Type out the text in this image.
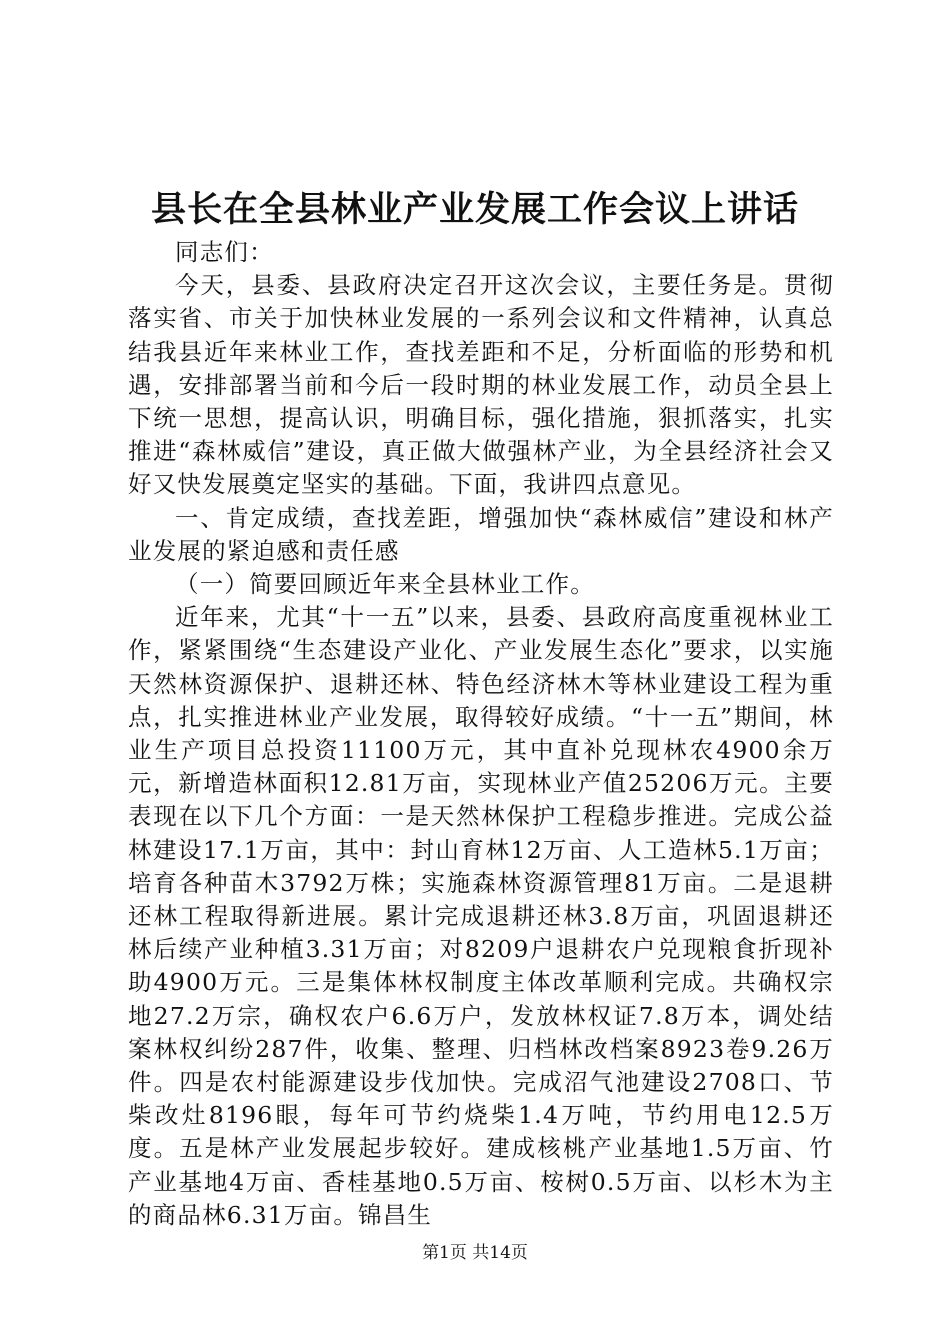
县长在全县林业产业发展工作会议上讲话

同志们：

今天，县委、县政府决定召开这次会议，主要任务是。贯彻落实省、市关于加快林业发展的一系列会议和文件精神，认真总结我县近年来林业工作，查找差距和不足，分析面临的形势和机遇，安排部署当前和今后一段时期的林业发展工作，动员全县上下统一思想，提高认识，明确目标，强化措施，狠抓落实，扎实推进“森林威信”建设，真正做大做强林产业，为全县经济社会又好又快发展奠定坚实的基础。下面，我讲四点意见。

一、肯定成绩，查找差距，增强加快“森林威信”建设和林产业发展的紧迫感和责任感

（一）简要回顾近年来全县林业工作。

近年来，尤其“十一五”以来，县委、县政府高度重视林业工作，紧紧围绕“生态建设产业化、产业发展生态化”要求，以实施天然林资源保护、退耕还林、特色经济林木等林业建设工程为重点，扎实推进林业产业发展，取得较好成绩。“十一五”期间，林业生产项目总投资11100万元，其中直补兑现林农4900余万元，新增造林面积12.81万亩，实现林业产值25206万元。主要表现在以下几个方面：一是天然林保护工程稳步推进。完成公益林建设17.1万亩，其中：封山育林12万亩、人工造林5.1万亩；培育各种苗木3792万株；实施森林资源管理81万亩。二是退耕还林工程取得新进展。累计完成退耕还林3.8万亩，巩固退耕还林后续产业种植3.31万亩；对8209户退耕农户兑现粮食折现补助4900万元。三是集体林权制度主体改革顺利完成。共确权宗地27.2万宗，确权农户6.6万户，发放林权证7.8万本，调处结案林权纠纷287件，收集、整理、归档林改档案8923卷9.26万件。四是农村能源建设步伐加快。完成沼气池建设2708口、节柴改灶8196眼，每年可节约烧柴1.4万吨，节约用电12.5万度。五是林产业发展起步较好。建成核桃产业基地1.5万亩、竹产业基地4万亩、香桂基地0.5万亩、桉树0.5万亩、以杉木为主的商品林6.31万亩。锦昌生

第1页 共14页
